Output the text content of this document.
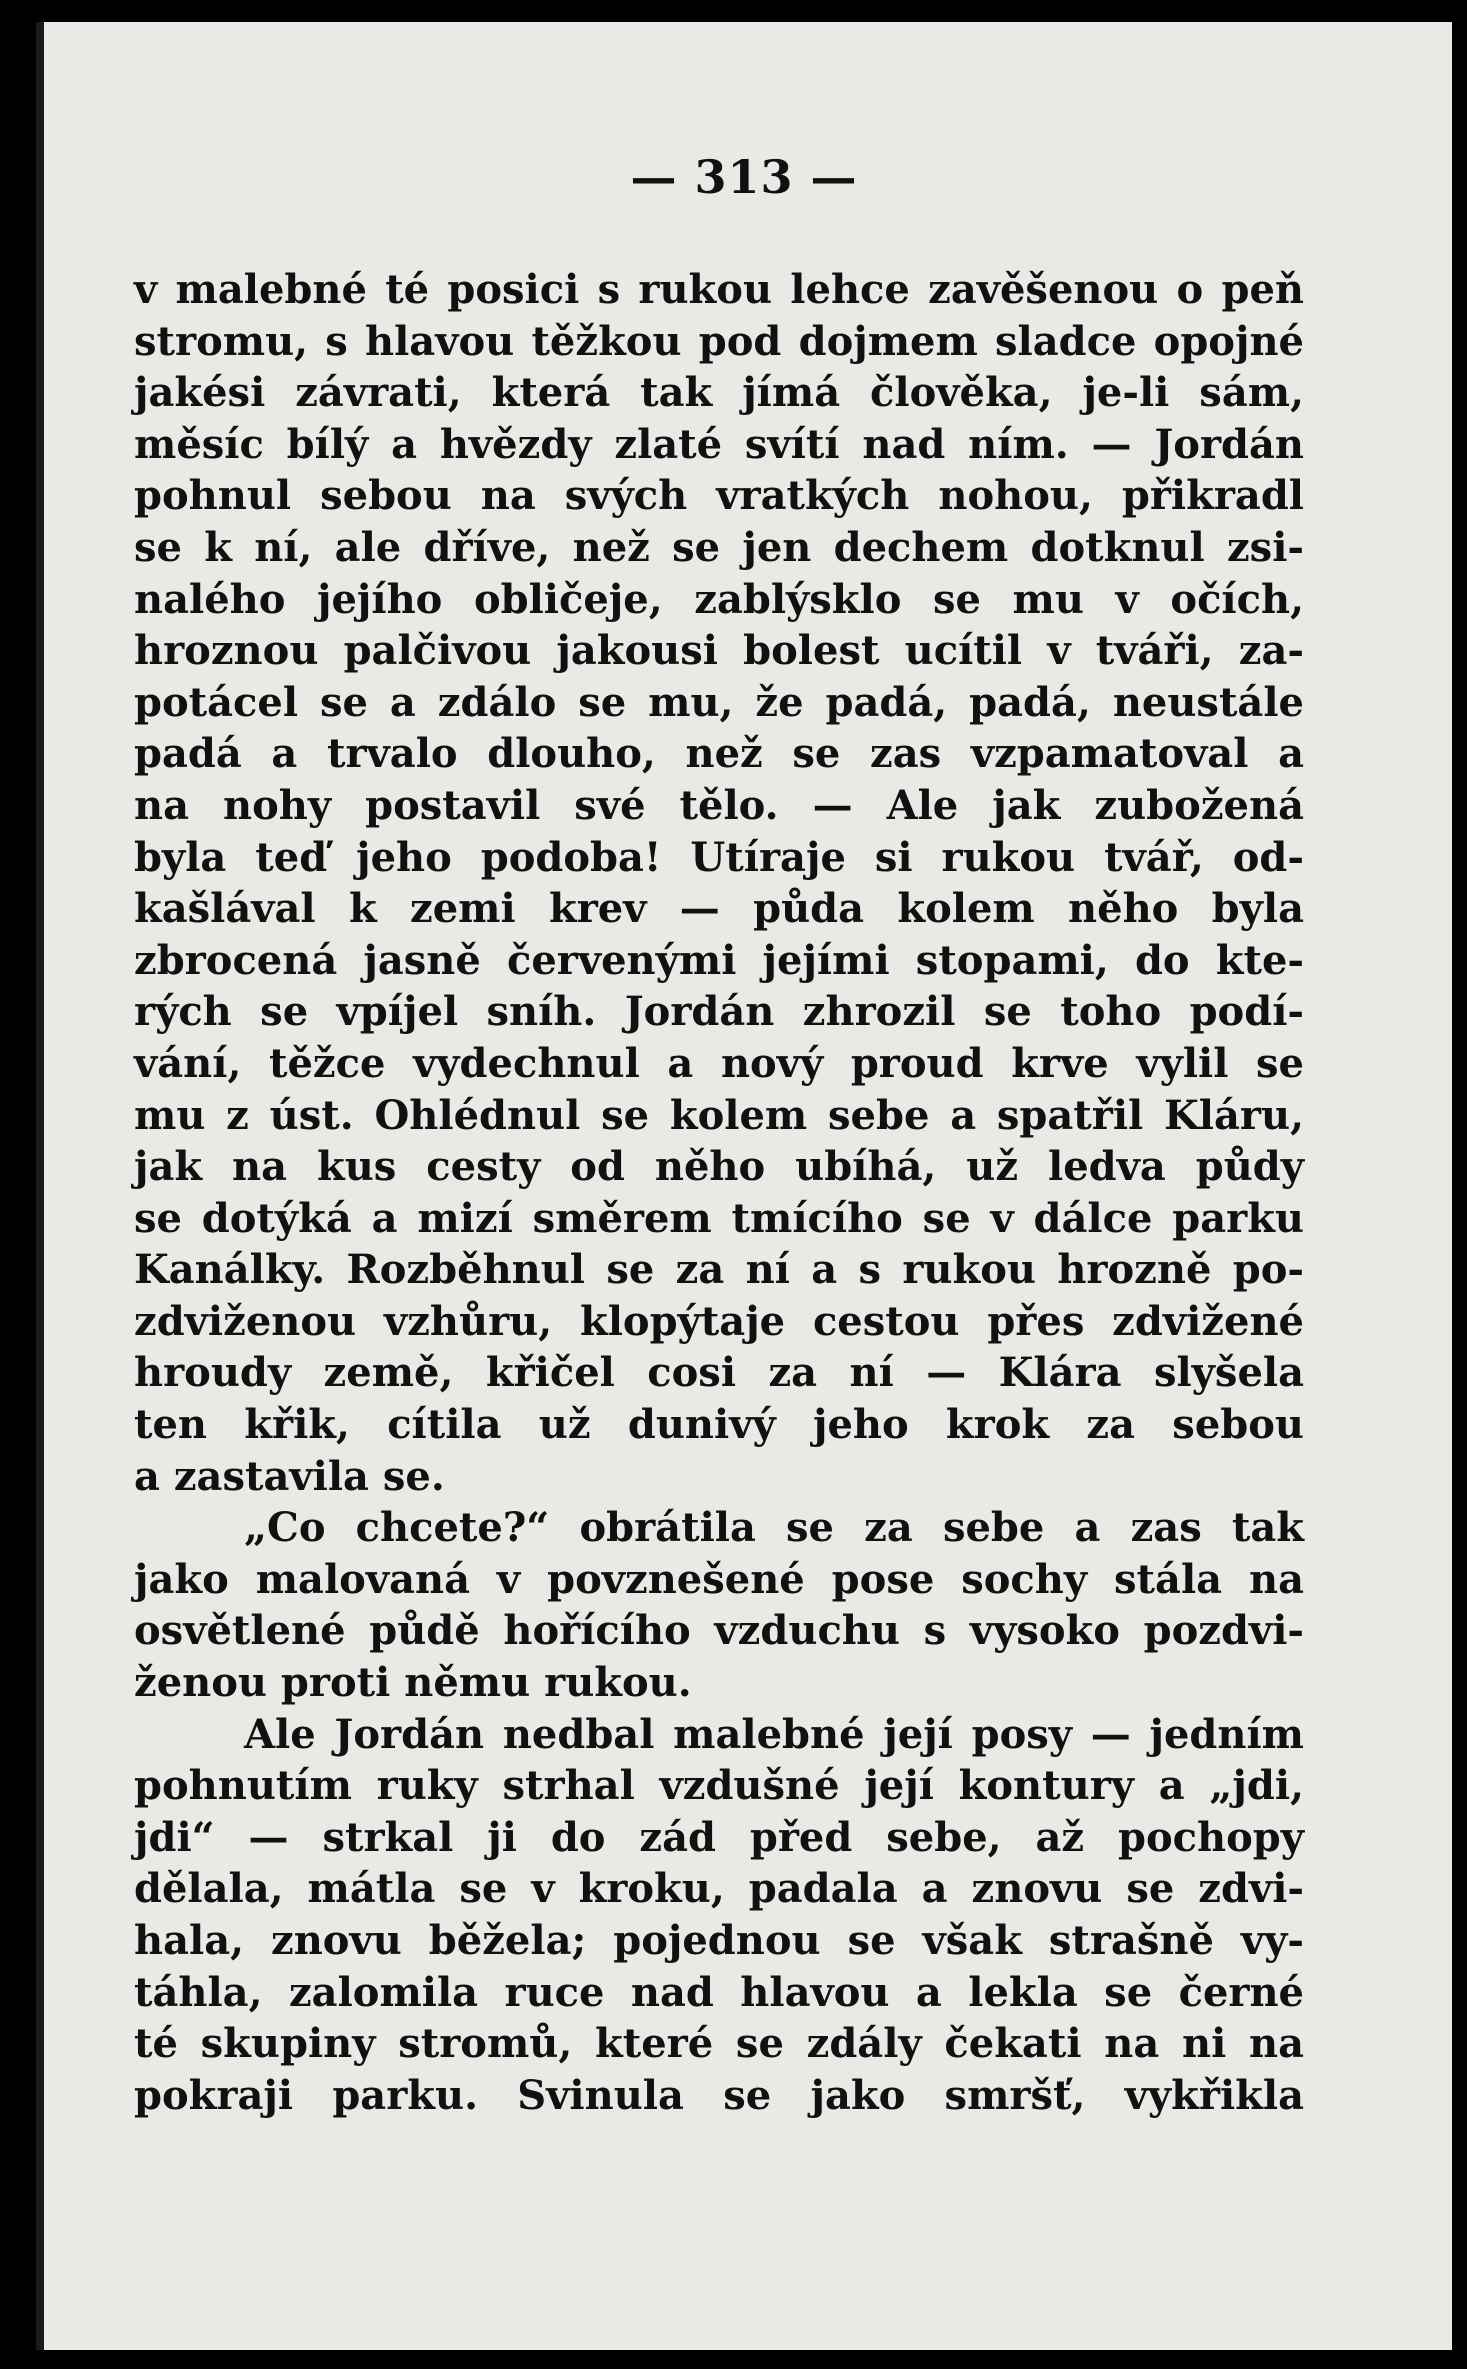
— 313 —
v malebné té posici s rukou lehce zavěšenou o peň
stromu, s hlavou těžkou pod dojmem sladce opojné
jakési závrati, která tak jímá člověka, je-li sám,
měsíc bílý a hvězdy zlaté svítí nad ním. — Jordán
pohnul sebou na svých vratkých nohou, přikradl
se k ní, ale dříve, než se jen dechem dotknul zsi-
nalého jejího obličeje, zablýsklo se mu v očích,
hroznou palčivou jakousi bolest ucítil v tváři, za-
potácel se a zdálo se mu, že padá, padá, neustále
padá a trvalo dlouho, než se zas vzpamatoval a
na nohy postavil své tělo. — Ale jak zubožená
byla teď jeho podoba! Utíraje si rukou tvář, od-
kašlával k zemi krev — půda kolem něho byla
zbrocená jasně červenými jejími stopami, do kte-
rých se vpíjel sníh. Jordán zhrozil se toho podí-
vání, těžce vydechnul a nový proud krve vylil se
mu z úst. Ohlédnul se kolem sebe a spatřil Kláru,
jak na kus cesty od něho ubíhá, už ledva půdy
se dotýká a mizí směrem tmícího se v dálce parku
Kanálky. Rozběhnul se za ní a s rukou hrozně po-
zdviženou vzhůru, klopýtaje cestou přes zdvižené
hroudy země, křičel cosi za ní — Klára slyšela
ten křik, cítila už dunivý jeho krok za sebou
a zastavila se.
„Co chcete?“ obrátila se za sebe a zas tak
jako malovaná v povznešené pose sochy stála na
osvětlené půdě hořícího vzduchu s vysoko pozdvi-
ženou proti němu rukou.
Ale Jordán nedbal malebné její posy — jedním
pohnutím ruky strhal vzdušné její kontury a „jdi,
jdi“ — strkal ji do zád před sebe, až pochopy
dělala, mátla se v kroku, padala a znovu se zdvi-
hala, znovu běžela; pojednou se však strašně vy-
táhla, zalomila ruce nad hlavou a lekla se černé
té skupiny stromů, které se zdály čekati na ni na
pokraji parku. Svinula se jako smršť, vykřikla
